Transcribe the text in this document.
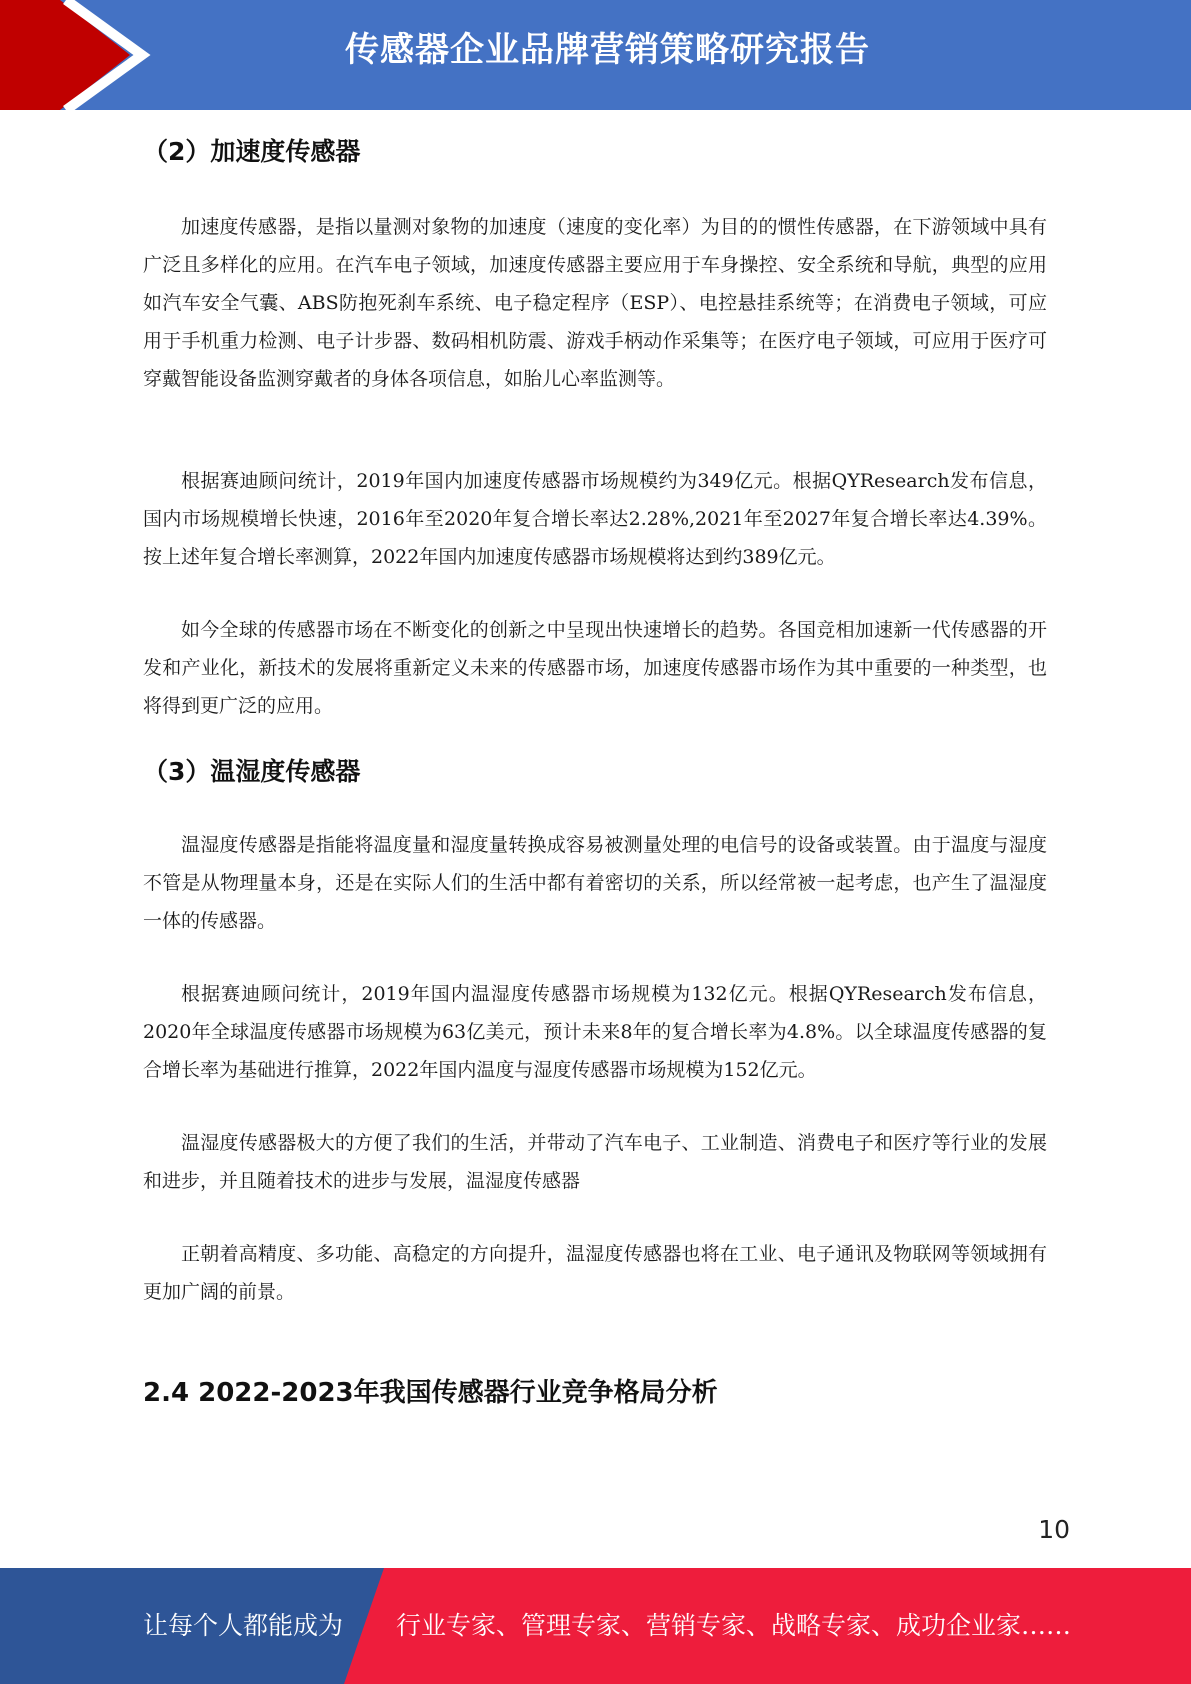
传感器企业品牌营销策略研究报告
（2）加速度传感器

加速度传感器，是指以量测对象物的加速度（速度的变化率）为目的的惯性传感器，在下游领域中具有广泛且多样化的应用。在汽车电子领域，加速度传感器主要应用于车身操控、安全系统和导航，典型的应用如汽车安全气囊、ABS防抱死刹车系统、电子稳定程序（ESP）、电控悬挂系统等；在消费电子领域，可应用于手机重力检测、电子计步器、数码相机防震、游戏手柄动作采集等；在医疗电子领域，可应用于医疗可穿戴智能设备监测穿戴者的身体各项信息，如胎儿心率监测等。

根据赛迪顾问统计，2019年国内加速度传感器市场规模约为349亿元。根据QYResearch发布信息，国内市场规模增长快速，2016年至2020年复合增长率达2.28%,2021年至2027年复合增长率达4.39%。按上述年复合增长率测算，2022年国内加速度传感器市场规模将达到约389亿元。

如今全球的传感器市场在不断变化的创新之中呈现出快速增长的趋势。各国竞相加速新一代传感器的开发和产业化，新技术的发展将重新定义未来的传感器市场，加速度传感器市场作为其中重要的一种类型，也将得到更广泛的应用。

（3）温湿度传感器

温湿度传感器是指能将温度量和湿度量转换成容易被测量处理的电信号的设备或装置。由于温度与湿度不管是从物理量本身，还是在实际人们的生活中都有着密切的关系，所以经常被一起考虑，也产生了温湿度一体的传感器。

根据赛迪顾问统计，2019年国内温湿度传感器市场规模为132亿元。根据QYResearch发布信息，2020年全球温度传感器市场规模为63亿美元，预计未来8年的复合增长率为4.8%。以全球温度传感器的复合增长率为基础进行推算，2022年国内温度与湿度传感器市场规模为152亿元。

温湿度传感器极大的方便了我们的生活，并带动了汽车电子、工业制造、消费电子和医疗等行业的发展和进步，并且随着技术的进步与发展，温湿度传感器

正朝着高精度、多功能、高稳定的方向提升，温湿度传感器也将在工业、电子通讯及物联网等领域拥有更加广阔的前景。

2.4 2022-2023年我国传感器行业竞争格局分析
10
让每个人都能成为 行业专家、管理专家、营销专家、战略专家、成功企业家……
